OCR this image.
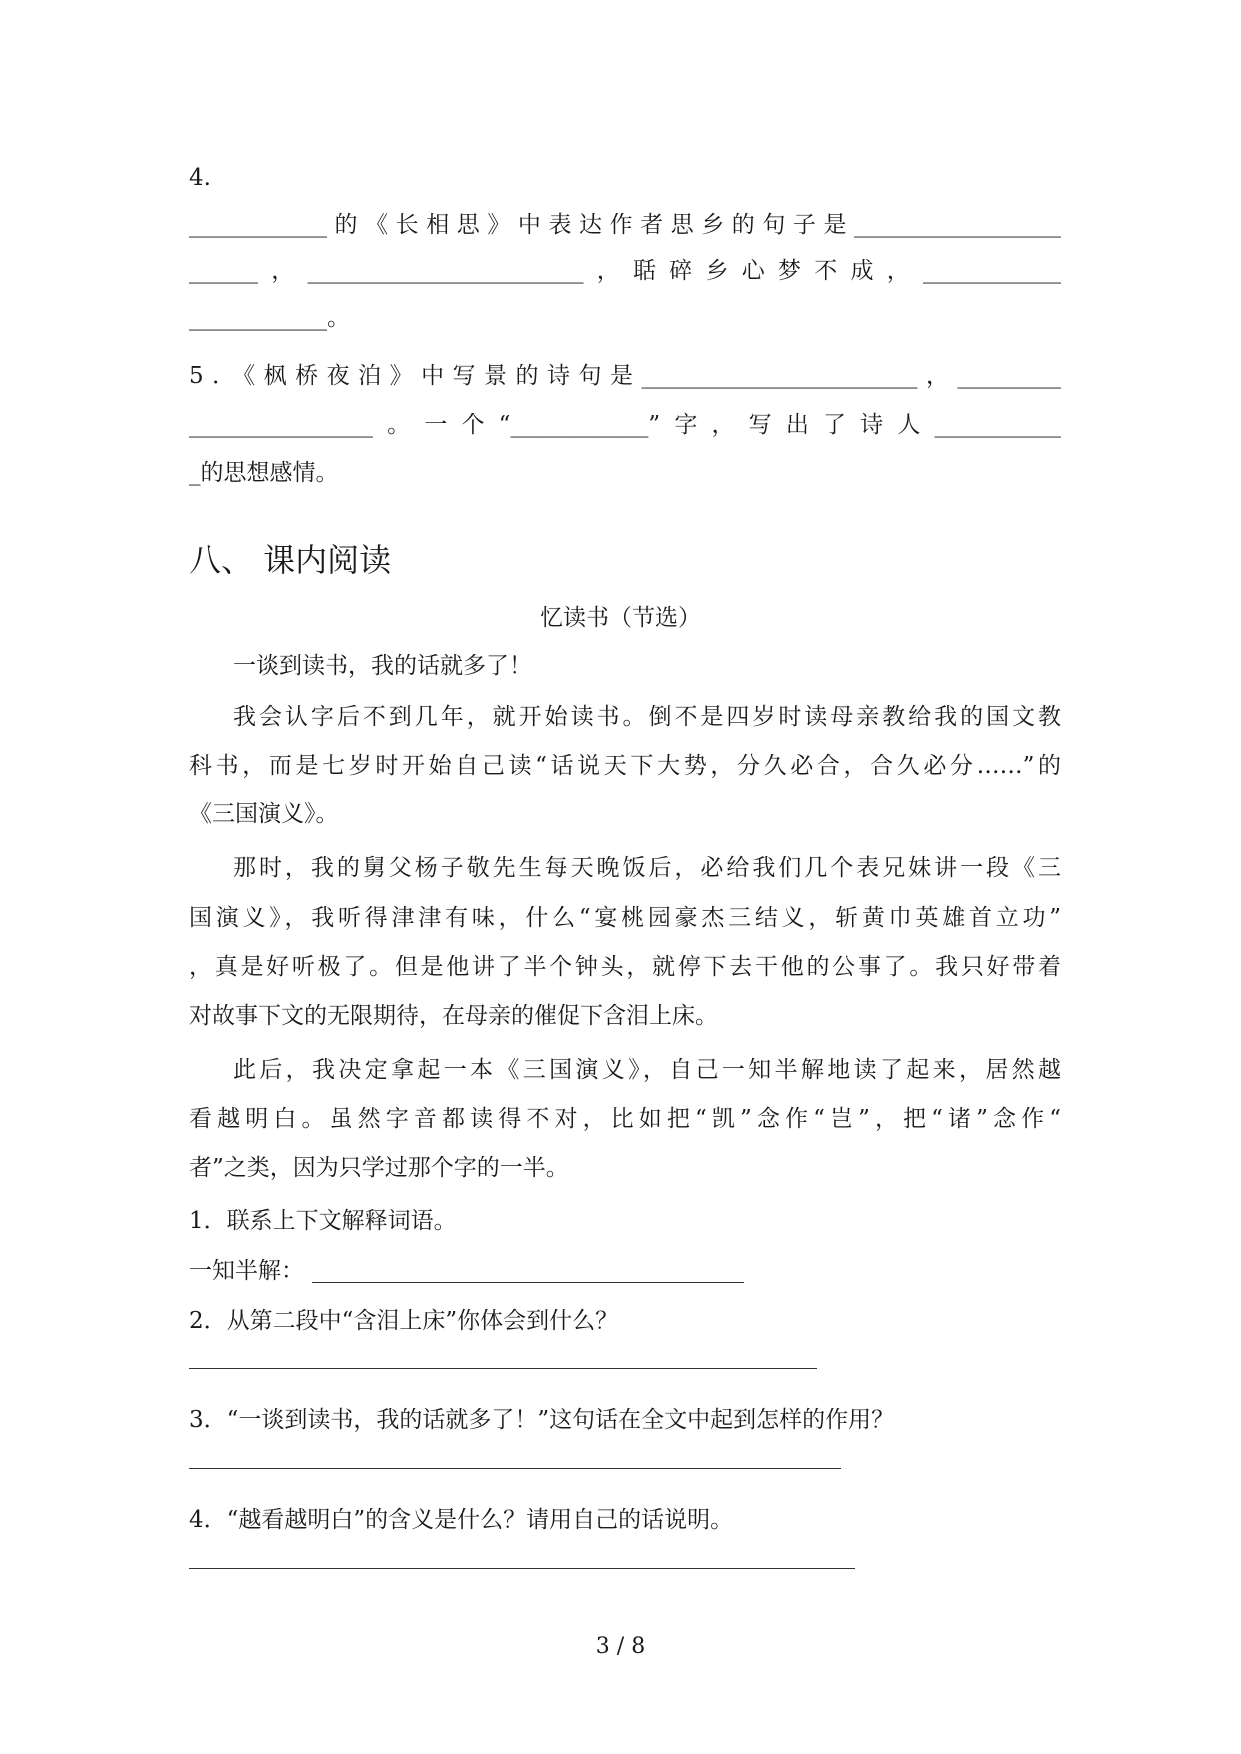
4.
____________的《长相思》中表达作者思乡的句子是__________________
______，________________________，聒碎乡心梦不成，____________
____________。
5．《枫桥夜泊》中写景的诗句是________________________，_________
________________。一个“____________”字，写出了诗人___________
_的思想感情。
八、 课内阅读
忆读书（节选）
一谈到读书，我的话就多了！
我会认字后不到几年，就开始读书。倒不是四岁时读母亲教给我的国文教
科书，而是七岁时开始自己读“话说天下大势，分久必合，合久必分……”的
《三国演义》。
那时，我的舅父杨子敬先生每天晚饭后，必给我们几个表兄妹讲一段《三
国演义》，我听得津津有味，什么“宴桃园豪杰三结义，斩黄巾英雄首立功”
，真是好听极了。但是他讲了半个钟头，就停下去干他的公事了。我只好带着
对故事下文的无限期待，在母亲的催促下含泪上床。
此后，我决定拿起一本《三国演义》，自己一知半解地读了起来，居然越
看越明白。虽然字音都读得不对，比如把“凯”念作“岂”，把“诸”念作“
者”之类，因为只学过那个字的一半。
1．联系上下文解释词语。
一知半解：
2．从第二段中“含泪上床”你体会到什么？
3．“一谈到读书，我的话就多了！”这句话在全文中起到怎样的作用？
4．“越看越明白”的含义是什么？请用自己的话说明。
3 / 8
